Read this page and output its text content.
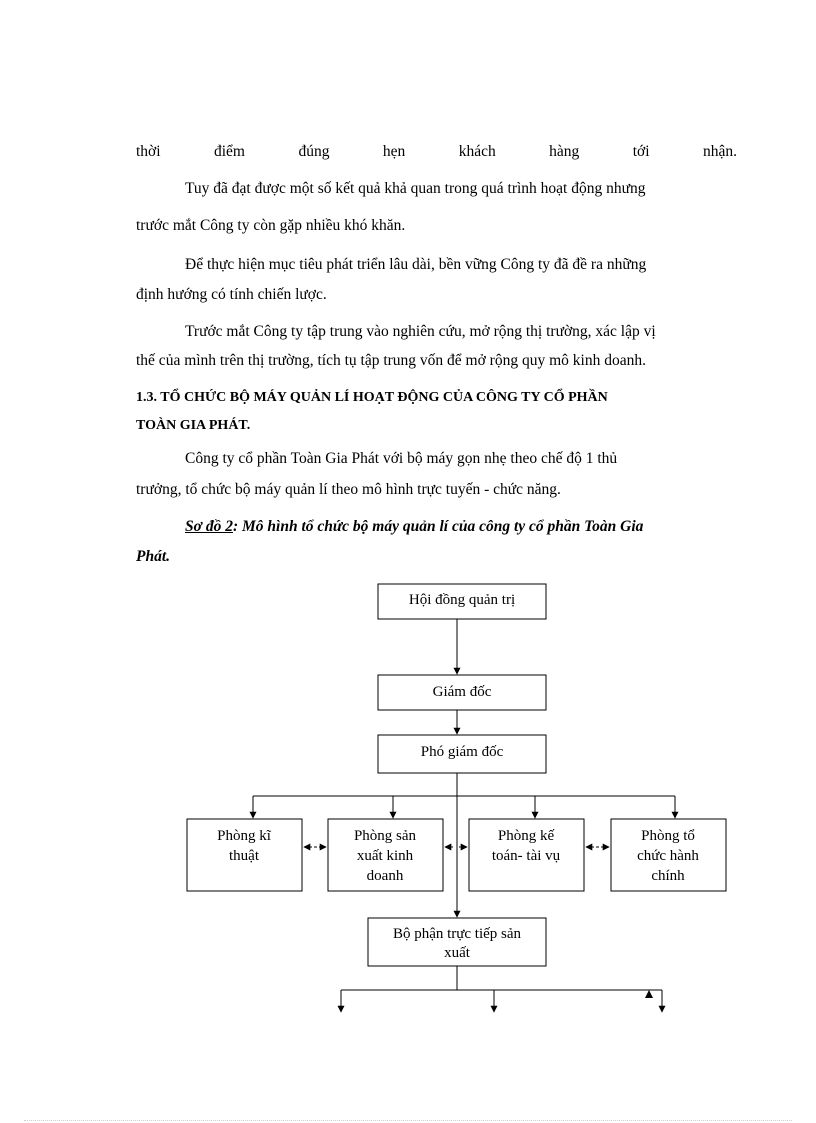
thời	điểm	đúng	hẹn	khách	hàng	tới	nhận.
Tuy đã đạt được một số kết quả khả quan trong quá trình hoạt động nhưng
trước mắt Công ty còn gặp nhiều khó khăn.
Để thực hiện mục tiêu phát triển lâu dài, bền vững Công ty đã đề ra những
định hướng có tính chiến lược.
Trước mắt Công ty tập trung vào nghiên cứu, mở rộng thị trường, xác lập vị
thế của mình trên thị trường, tích tụ tập trung vốn để mở rộng quy mô kinh doanh.
1.3. TỔ CHỨC BỘ MÁY QUẢN LÍ HOẠT ĐỘNG CỦA CÔNG TY CỔ PHẦN
TOÀN GIA PHÁT.
Công ty cổ phần Toàn Gia Phát với bộ máy gọn nhẹ theo chế độ 1 thủ
trưởng, tổ chức bộ máy quản lí theo mô hình trực tuyến - chức năng.
Sơ đồ 2: Mô hình tổ chức bộ máy quản lí của công ty cổ phần Toàn Gia
Phát.
Hội đồng quản trị
Giám đốc
Phó giám đốc
Phòng kĩ
thuật
Phòng sản
xuất kinh
doanh
Phòng kế
toán- tài vụ
Phòng tổ
chức hành
chính
Bộ phận trực tiếp sản
xuất
